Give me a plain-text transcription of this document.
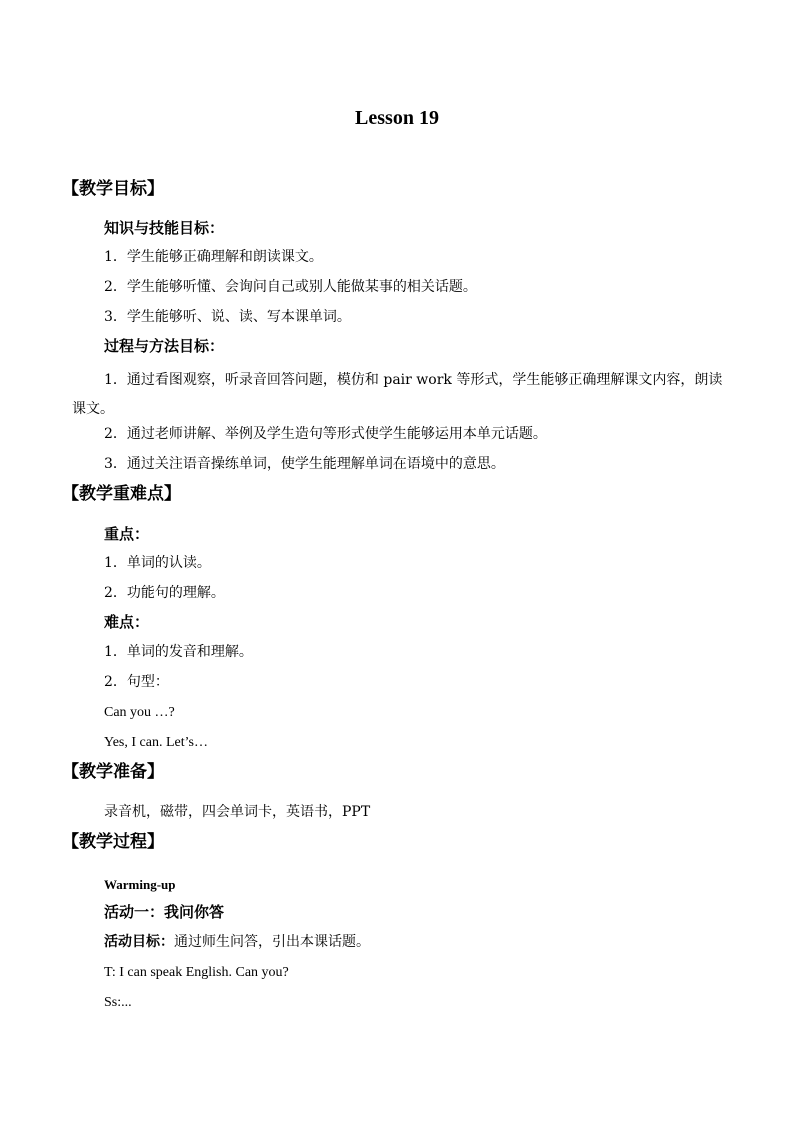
Lesson 19
【教学目标】
知识与技能目标：
1．学生能够正确理解和朗读课文。
2．学生能够听懂、会询问自己或别人能做某事的相关话题。
3．学生能够听、说、读、写本课单词。
过程与方法目标：
1．通过看图观察，听录音回答问题，模仿和 pair work 等形式，学生能够正确理解课文内容，朗读课文。
2．通过老师讲解、举例及学生造句等形式使学生能够运用本单元话题。
3．通过关注语音操练单词，使学生能理解单词在语境中的意思。
【教学重难点】
重点：
1．单词的认读。
2．功能句的理解。
难点：
1．单词的发音和理解。
2．句型：
Can you …?
Yes, I can. Let’s…
【教学准备】
录音机，磁带，四会单词卡，英语书，PPT
【教学过程】
Warming-up
活动一：我问你答
活动目标：通过师生问答，引出本课话题。
T: I can speak English. Can you?
Ss:...
